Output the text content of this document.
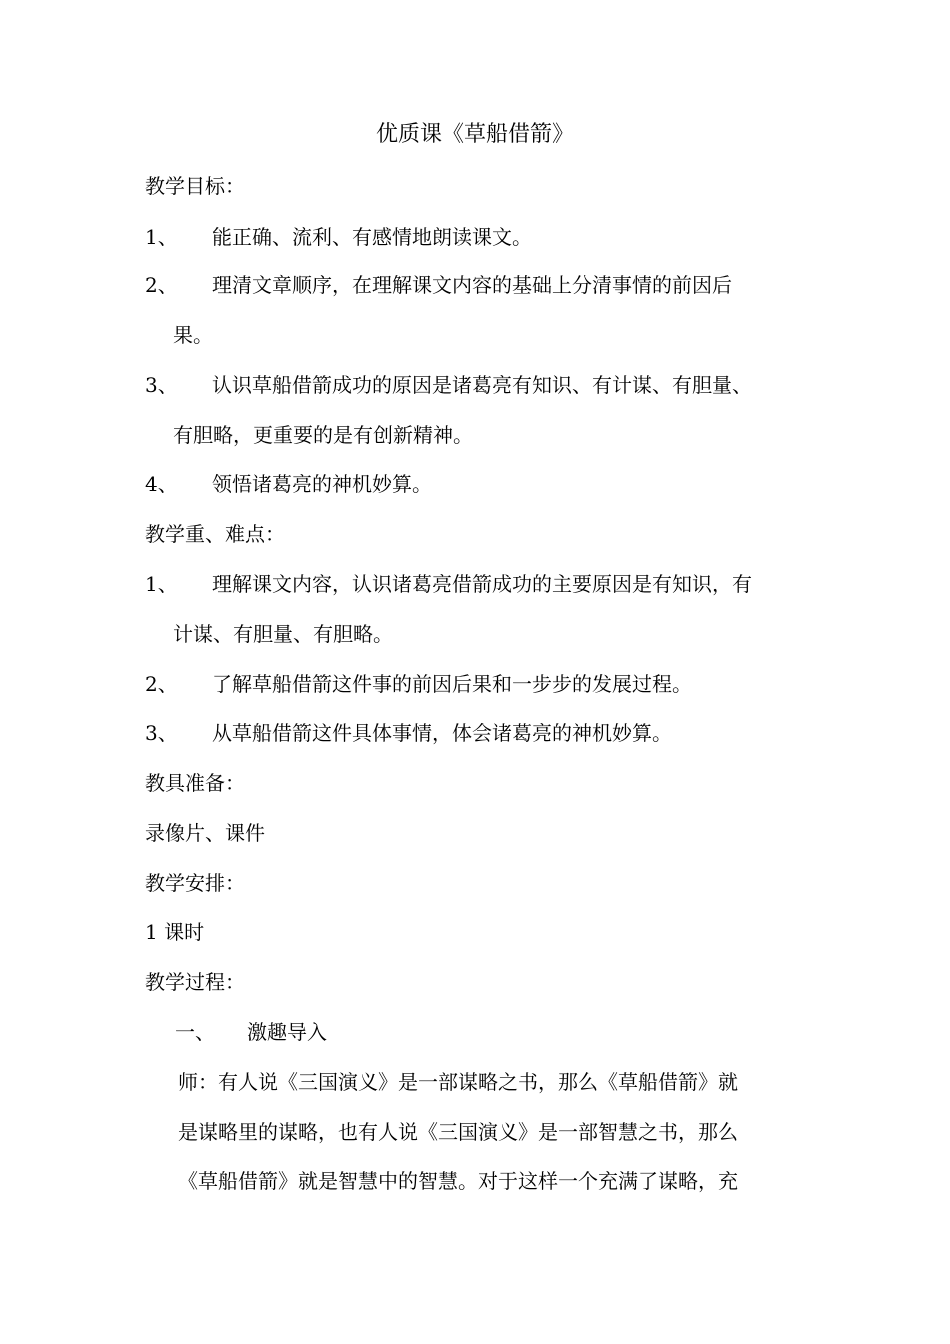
优质课《草船借箭》
教学目标：
1、 能正确、流利、有感情地朗读课文。
2、 理清文章顺序，在理解课文内容的基础上分清事情的前因后
果。
3、 认识草船借箭成功的原因是诸葛亮有知识、有计谋、有胆量、
有胆略，更重要的是有创新精神。
4、 领悟诸葛亮的神机妙算。
教学重、难点：
1、 理解课文内容，认识诸葛亮借箭成功的主要原因是有知识，有
计谋、有胆量、有胆略。
2、 了解草船借箭这件事的前因后果和一步步的发展过程。
3、 从草船借箭这件具体事情，体会诸葛亮的神机妙算。
教具准备：
录像片、课件
教学安排：
1 课时
教学过程：
一、 激趣导入
师：有人说《三国演义》是一部谋略之书，那么《草船借箭》就
是谋略里的谋略，也有人说《三国演义》是一部智慧之书，那么
《草船借箭》就是智慧中的智慧。对于这样一个充满了谋略，充
